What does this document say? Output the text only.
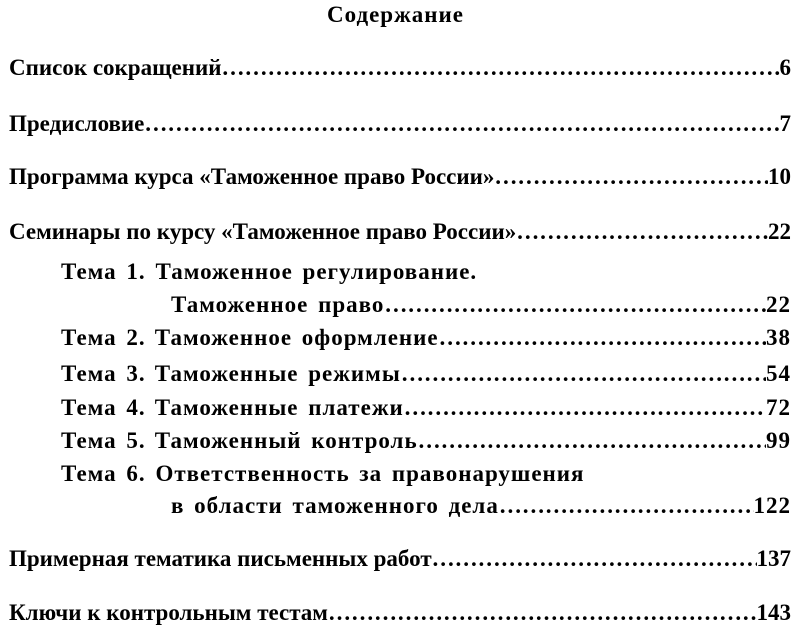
Содержание
Список сокращений …………………………………………………………………………………………………………………………………………………………	6
Предисловие …………………………………………………………………………………………………………………………………………………………	7
Программа курса «Таможенное право России» …………………………………………………………………………………………………………………………………………………………	10
Семинары по курсу «Таможенное право России» …………………………………………………………………………………………………………………………………………………………	22
Тема 1. Таможенное регулирование.
Таможенное право …………………………………………………………………………………………………………………………………………………………	22
Тема 2. Таможенное оформление …………………………………………………………………………………………………………………………………………………………	38
Тема 3. Таможенные режимы …………………………………………………………………………………………………………………………………………………………	54
Тема 4. Таможенные платежи …………………………………………………………………………………………………………………………………………………………	72
Тема 5. Таможенный контроль …………………………………………………………………………………………………………………………………………………………	99
Тема 6. Ответственность за правонарушения
в области таможенного дела …………………………………………………………………………………………………………………………………………………………	122
Примерная тематика письменных работ …………………………………………………………………………………………………………………………………………………………	137
Ключи к контрольным тестам …………………………………………………………………………………………………………………………………………………………	143
